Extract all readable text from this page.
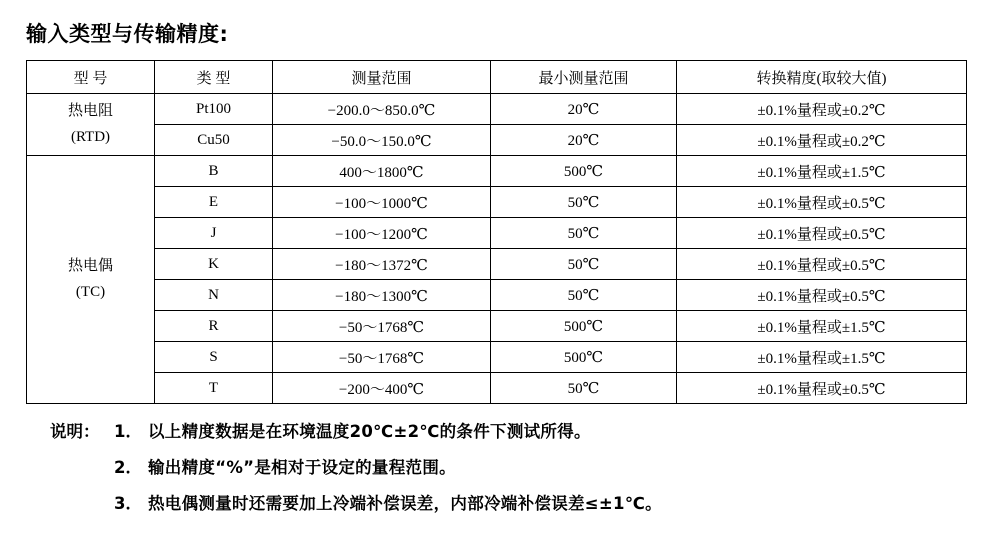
输入类型与传输精度:
型 号	类 型	测量范围	最小测量范围	转换精度(取较大值)
热电阻
(RTD)	Pt100	−200.0～850.0℃	20℃	±0.1%量程或±0.2℃
	Cu50	−50.0～150.0℃	20℃	±0.1%量程或±0.2℃
热电偶
(TC)	B	400～1800℃	500℃	±0.1%量程或±1.5℃
	E	−100～1000℃	50℃	±0.1%量程或±0.5℃
	J	−100～1200℃	50℃	±0.1%量程或±0.5℃
	K	−180～1372℃	50℃	±0.1%量程或±0.5℃
	N	−180～1300℃	50℃	±0.1%量程或±0.5℃
	R	−50～1768℃	500℃	±0.1%量程或±1.5℃
	S	−50～1768℃	500℃	±0.1%量程或±1.5℃
	T	−200～400℃	50℃	±0.1%量程或±0.5℃
说明： 1． 以上精度数据是在环境温度20℃±2℃的条件下测试所得。
2． 输出精度“%”是相对于设定的量程范围。
3． 热电偶测量时还需要加上冷端补偿误差，内部冷端补偿误差≤±1℃。
